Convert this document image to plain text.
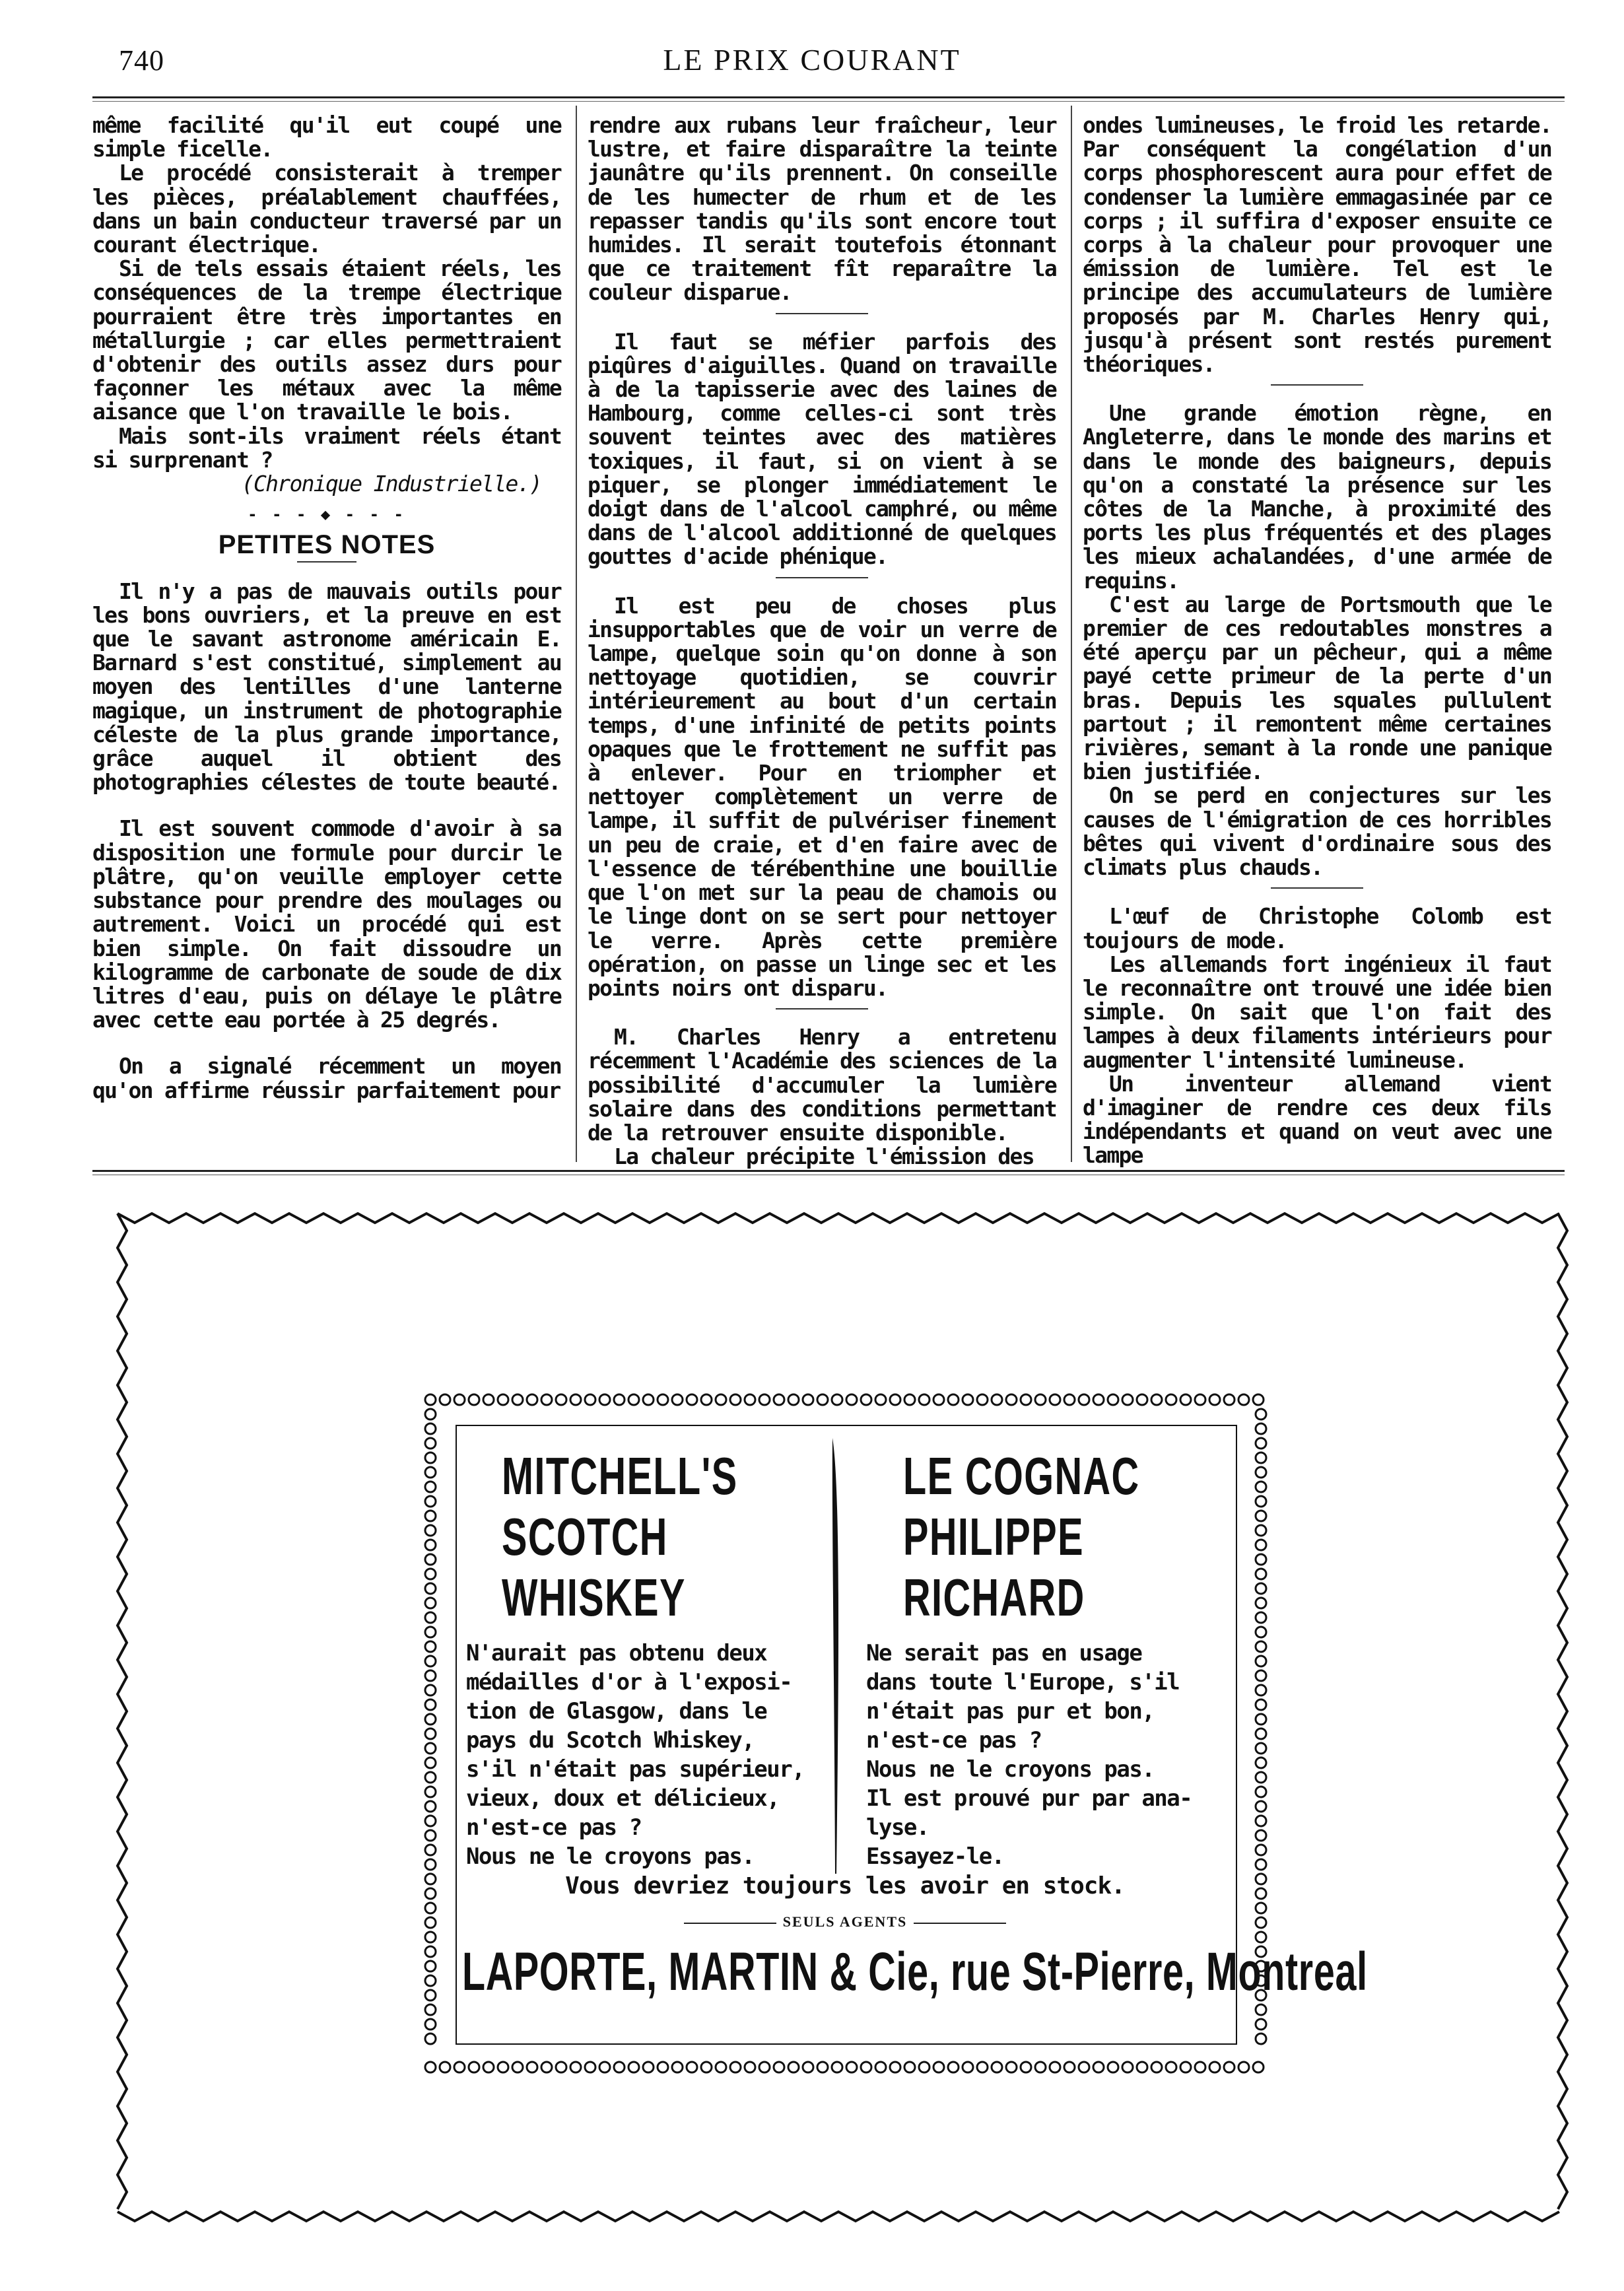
740	LE PRIX COURANT

même facilité qu'il eut coupé une simple ficelle.

Le procédé consisterait à tremper les pièces, préalablement chauffées, dans un bain conducteur traversé par un courant électrique.

Si de tels essais étaient réels, les conséquences de la trempe électrique pourraient être très importantes en métallurgie ; car elles permettraient d'obtenir des outils assez durs pour façonner les métaux avec la même aisance que l'on travaille le bois.

Mais sont-ils vraiment réels étant si surprenant ?

(Chronique Industrielle.)
- - - ◆ - - -
PETITES NOTES

Il n'y a pas de mauvais outils pour les bons ouvriers, et la preuve en est que le savant astronome américain E. Barnard s'est constitué, simplement au moyen des lentilles d'une lanterne magique, un instrument de photographie céleste de la plus grande importance, grâce auquel il obtient des photographies célestes de toute beauté.

Il est souvent commode d'avoir à sa disposition une formule pour durcir le plâtre, qu'on veuille employer cette substance pour prendre des moulages ou autrement. Voici un procédé qui est bien simple. On fait dissoudre un kilogramme de carbonate de soude de dix litres d'eau, puis on délaye le plâtre avec cette eau portée à 25 degrés.

On a signalé récemment un moyen qu'on affirme réussir parfaitement pour

rendre aux rubans leur fraîcheur, leur lustre, et faire disparaître la teinte jaunâtre qu'ils prennent. On conseille de les humecter de rhum et de les repasser tandis qu'ils sont encore tout humides. Il serait toutefois étonnant que ce traitement fît reparaître la couleur disparue.

Il faut se méfier parfois des piqûres d'aiguilles. Quand on travaille à de la tapisserie avec des laines de Hambourg, comme celles-ci sont très souvent teintes avec des matières toxiques, il faut, si on vient à se piquer, se plonger immédiatement le doigt dans de l'alcool camphré, ou même dans de l'alcool additionné de quelques gouttes d'acide phénique.

Il est peu de choses plus insupportables que de voir un verre de lampe, quelque soin qu'on donne à son nettoyage quotidien, se couvrir intérieurement au bout d'un certain temps, d'une infinité de petits points opaques que le frottement ne suffit pas à enlever. Pour en triompher et nettoyer complètement un verre de lampe, il suffit de pulvériser finement un peu de craie, et d'en faire avec de l'essence de térébenthine une bouillie que l'on met sur la peau de chamois ou le linge dont on se sert pour nettoyer le verre. Après cette première opération, on passe un linge sec et les points noirs ont disparu.

M. Charles Henry a entretenu récemment l'Académie des sciences de la possibilité d'accumuler la lumière solaire dans des conditions permettant de la retrouver ensuite disponible.

La chaleur précipite l'émission des

ondes lumineuses, le froid les retarde. Par conséquent la congélation d'un corps phosphorescent aura pour effet de condenser la lumière emmagasinée par ce corps ; il suffira d'exposer ensuite ce corps à la chaleur pour provoquer une émission de lumière. Tel est le principe des accumulateurs de lumière proposés par M. Charles Henry qui, jusqu'à présent sont restés purement théoriques.

Une grande émotion règne, en Angleterre, dans le monde des marins et dans le monde des baigneurs, depuis qu'on a constaté la présence sur les côtes de la Manche, à proximité des ports les plus fréquentés et des plages les mieux achalandées, d'une armée de requins.

C'est au large de Portsmouth que le premier de ces redoutables monstres a été aperçu par un pêcheur, qui a même payé cette primeur de la perte d'un bras. Depuis les squales pullulent partout ; il remontent même certaines rivières, semant à la ronde une panique bien justifiée.

On se perd en conjectures sur les causes de l'émigration de ces horribles bêtes qui vivent d'ordinaire sous des climats plus chauds.

L'œuf de Christophe Colomb est toujours de mode.

Les allemands fort ingénieux il faut le reconnaître ont trouvé une idée bien simple. On sait que l'on fait des lampes à deux filaments intérieurs pour augmenter l'intensité lumineuse.

Un inventeur allemand vient d'imaginer de rendre ces deux fils indépendants et quand on veut avec une lampe

MITCHELL'S
SCOTCH
WHISKEY
LE COGNAC
PHILIPPE
RICHARD
N'aurait pas obtenu deux
médailles d'or à l'exposi-
tion de Glasgow, dans le
pays du Scotch Whiskey,
s'il n'était pas supérieur,
vieux, doux et délicieux,
n'est-ce pas ?
Nous ne le croyons pas.
Ne serait pas en usage
dans toute l'Europe, s'il
n'était pas pur et bon,
n'est-ce pas ?
Nous ne le croyons pas.
Il est prouvé pur par ana-
lyse.
Essayez-le.
Vous devriez toujours les avoir en stock.
SEULS AGENTS
LAPORTE, MARTIN & Cie, rue St-Pierre, Montreal
